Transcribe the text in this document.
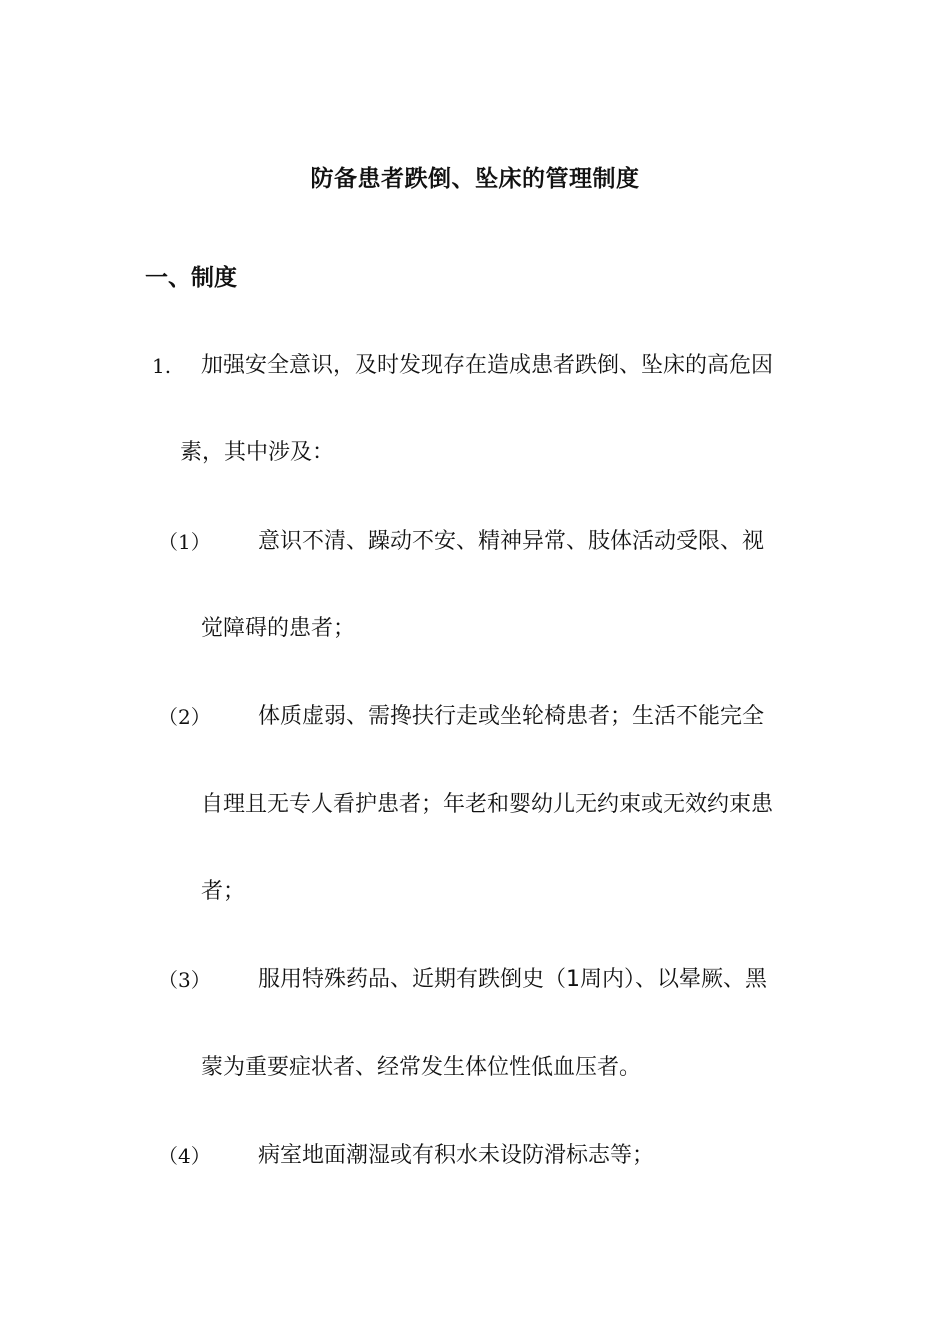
防备患者跌倒、坠床的管理制度
一、制度
1. 加强安全意识，及时发现存在造成患者跌倒、坠床的高危因
素，其中涉及：
（1） 意识不清、躁动不安、精神异常、肢体活动受限、视
觉障碍的患者；
（2） 体质虚弱、需搀扶行走或坐轮椅患者；生活不能完全
自理且无专人看护患者；年老和婴幼儿无约束或无效约束患
者；
（3） 服用特殊药品、近期有跌倒史（1周内）、以晕厥、黑
蒙为重要症状者、经常发生体位性低血压者。
（4） 病室地面潮湿或有积水未设防滑标志等；
